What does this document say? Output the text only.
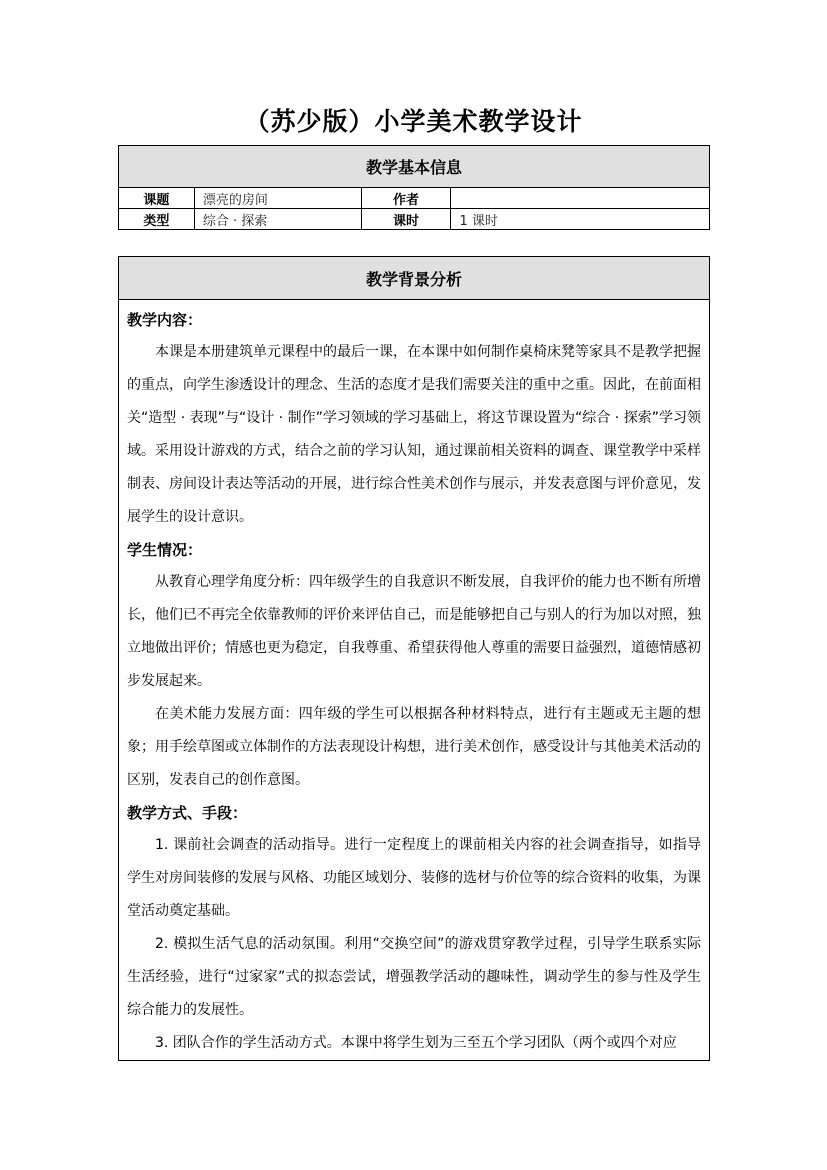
（苏少版）小学美术教学设计
教学基本信息			
课题	漂亮的房间	作者	
类型	综合 · 探索	课时	1 课时
教学背景分析

教学内容：

本课是本册建筑单元课程中的最后一课，在本课中如何制作桌椅床凳等家具不是教学把握的重点，向学生渗透设计的理念、生活的态度才是我们需要关注的重中之重。因此，在前面相关“造型 · 表现”与“设计 · 制作”学习领域的学习基础上，将这节课设置为“综合 · 探索”学习领域。采用设计游戏的方式，结合之前的学习认知，通过课前相关资料的调查、课堂教学中采样制表、房间设计表达等活动的开展，进行综合性美术创作与展示，并发表意图与评价意见，发展学生的设计意识。

学生情况：

从教育心理学角度分析：四年级学生的自我意识不断发展，自我评价的能力也不断有所增长，他们已不再完全依靠教师的评价来评估自己，而是能够把自己与别人的行为加以对照，独立地做出评价；情感也更为稳定，自我尊重、希望获得他人尊重的需要日益强烈，道德情感初步发展起来。

在美术能力发展方面：四年级的学生可以根据各种材料特点，进行有主题或无主题的想象；用手绘草图或立体制作的方法表现设计构想，进行美术创作，感受设计与其他美术活动的区别，发表自己的创作意图。

教学方式、手段：

1. 课前社会调查的活动指导。进行一定程度上的课前相关内容的社会调查指导，如指导学生对房间装修的发展与风格、功能区域划分、装修的选材与价位等的综合资料的收集，为课堂活动奠定基础。

2. 模拟生活气息的活动氛围。利用“交换空间”的游戏贯穿教学过程，引导学生联系实际生活经验，进行“过家家”式的拟态尝试，增强教学活动的趣味性，调动学生的参与性及学生综合能力的发展性。

3. 团队合作的学生活动方式。本课中将学生划为三至五个学习团队（两个或四个对应
